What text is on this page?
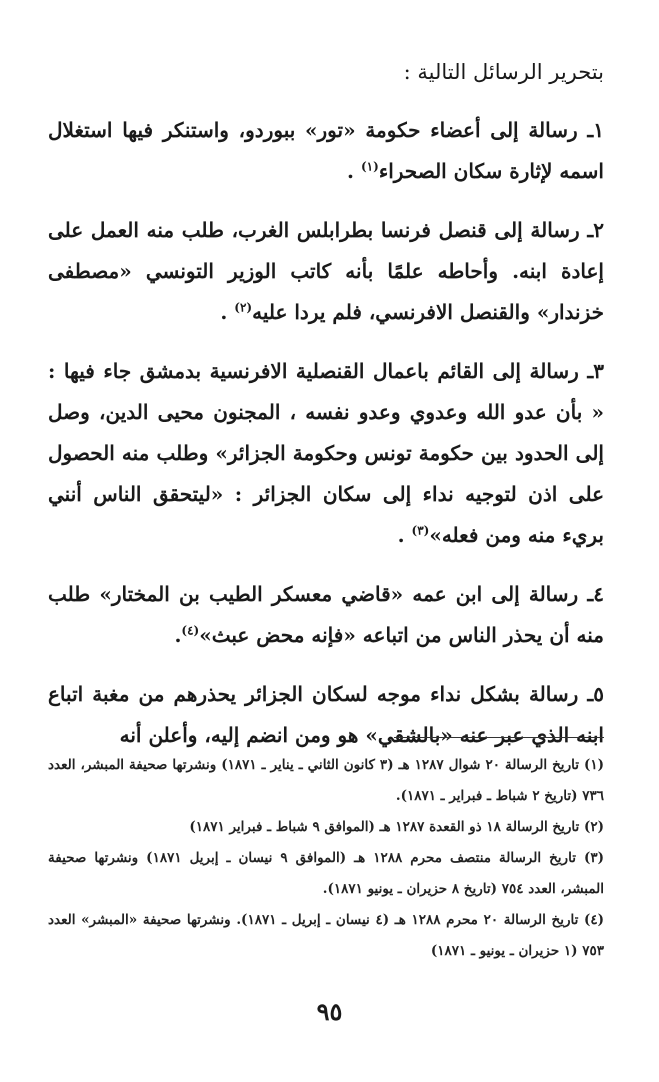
بتحرير الرسائل التالية :

١ـ رسالة إلى أعضاء حكومة «تور» ببوردو، واستنكر فيها استغلال اسمه لإثارة سكان الصحراء$^{(١)}$ .

٢ـ رسالة إلى قنصل فرنسا بطرابلس الغرب، طلب منه العمل على إعادة ابنه. وأحاطه علمًا بأنه كاتب الوزير التونسي «مصطفى خزندار» والقنصل الافرنسي، فلم يردا عليه$^{(٢)}$ .

٣ـ رسالة إلى القائم باعمال القنصلية الافرنسية بدمشق جاء فيها : « بأن عدو الله وعدوي وعدو نفسه ، المجنون محيى الدين، وصل إلى الحدود بين حكومة تونس وحكومة الجزائر» وطلب منه الحصول على اذن لتوجيه نداء إلى سكان الجزائر : «ليتحقق الناس أنني بريء منه ومن فعله»$^{(٣)}$ .

٤ـ رسالة إلى ابن عمه «قاضي معسكر الطيب بن المختار» طلب منه أن يحذر الناس من اتباعه «فإنه محض عبث»$^{(٤)}$.

٥ـ رسالة بشكل نداء موجه لسكان الجزائر يحذرهم من مغبة اتباع ابنه الذي عبر عنه «بالشقي» هو ومن انضم إليه، وأعلن أنه

(١) تاريخ الرسالة ٢٠ شوال ١٢٨٧ هـ (٣ كانون الثاني ـ يناير ـ ١٨٧١) ونشرتها صحيفة المبشر، العدد ٧٣٦ (تاريخ ٢ شباط ـ فبراير ـ ١٨٧١).

(٢) تاريخ الرسالة ١٨ ذو القعدة ١٢٨٧ هـ (الموافق ٩ شباط ـ فبراير ١٨٧١)

(٣) تاريخ الرسالة منتصف محرم ١٢٨٨ هـ (الموافق ٩ نيسان ـ إبريل ١٨٧١) ونشرتها صحيفة المبشر، العدد ٧٥٤ (تاريخ ٨ حزيران ـ يونيو ١٨٧١).

(٤) تاريخ الرسالة ٢٠ محرم ١٢٨٨ هـ (٤ نيسان ـ إبريل ـ ١٨٧١). ونشرتها صحيفة «المبشر» العدد ٧٥٣ (١ حزيران ـ يونيو ـ ١٨٧١)

٩٥
